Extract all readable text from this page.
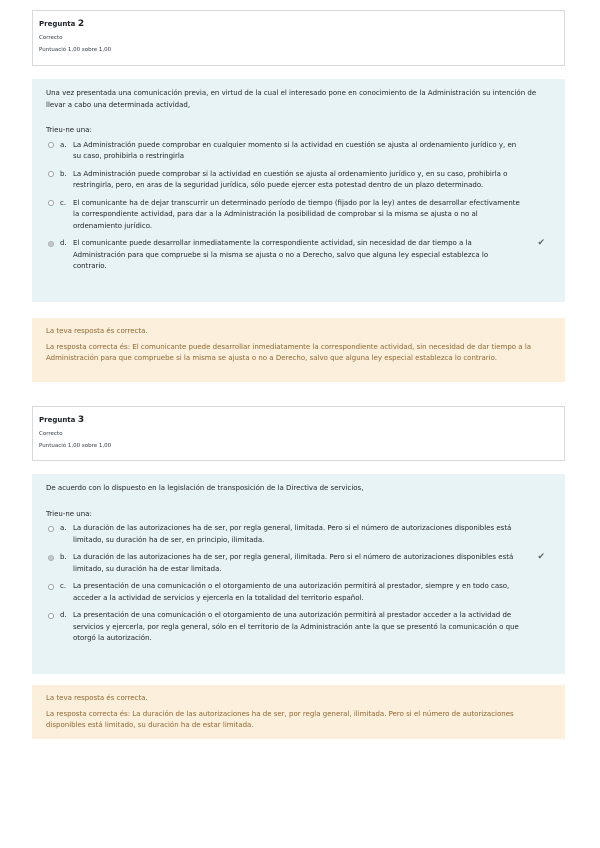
Pregunta 2
Correcto
Puntuació 1,00 sobre 1,00

Una vez presentada una comunicación previa, en virtud de la cual el interesado pone en conocimiento de la Administración su intención de llevar a cabo una determinada actividad,

Trieu-ne una:

a. La Administración puede comprobar en cualquier momento si la actividad en cuestión se ajusta al ordenamiento jurídico y, en su caso, prohibirla o restringirla
b. La Administración puede comprobar si la actividad en cuestión se ajusta al ordenamiento jurídico y, en su caso, prohibirla o restringirla, pero, en aras de la seguridad jurídica, sólo puede ejercer esta potestad dentro de un plazo determinado.
c. El comunicante ha de dejar transcurrir un determinado período de tiempo (fijado por la ley) antes de desarrollar efectivamente la correspondiente actividad, para dar a la Administración la posibilidad de comprobar si la misma se ajusta o no al ordenamiento jurídico.
d. El comunicante puede desarrollar inmediatamente la correspondiente actividad, sin necesidad de dar tiempo a la Administración para que compruebe si la misma se ajusta o no a Derecho, salvo que alguna ley especial establezca lo contrario.
✔

La teva resposta és correcta.

La resposta correcta és: El comunicante puede desarrollar inmediatamente la correspondiente actividad, sin necesidad de dar tiempo a la Administración para que compruebe si la misma se ajusta o no a Derecho, salvo que alguna ley especial establezca lo contrario.

Pregunta 3
Correcto
Puntuació 1,00 sobre 1,00

De acuerdo con lo dispuesto en la legislación de transposición de la Directiva de servicios,

Trieu-ne una:

a. La duración de las autorizaciones ha de ser, por regla general, limitada. Pero si el número de autorizaciones disponibles está limitado, su duración ha de ser, en principio, ilimitada.
b. La duración de las autorizaciones ha de ser, por regla general, ilimitada. Pero si el número de autorizaciones disponibles está limitado, su duración ha de estar limitada.
✔
c. La presentación de una comunicación o el otorgamiento de una autorización permitirá al prestador, siempre y en todo caso, acceder a la actividad de servicios y ejercerla en la totalidad del territorio español.
d. La presentación de una comunicación o el otorgamiento de una autorización permitirá al prestador acceder a la actividad de servicios y ejercerla, por regla general, sólo en el territorio de la Administración ante la que se presentó la comunicación o que otorgó la autorización.

La teva resposta és correcta.

La resposta correcta és: La duración de las autorizaciones ha de ser, por regla general, ilimitada. Pero si el número de autorizaciones disponibles está limitado, su duración ha de estar limitada.
